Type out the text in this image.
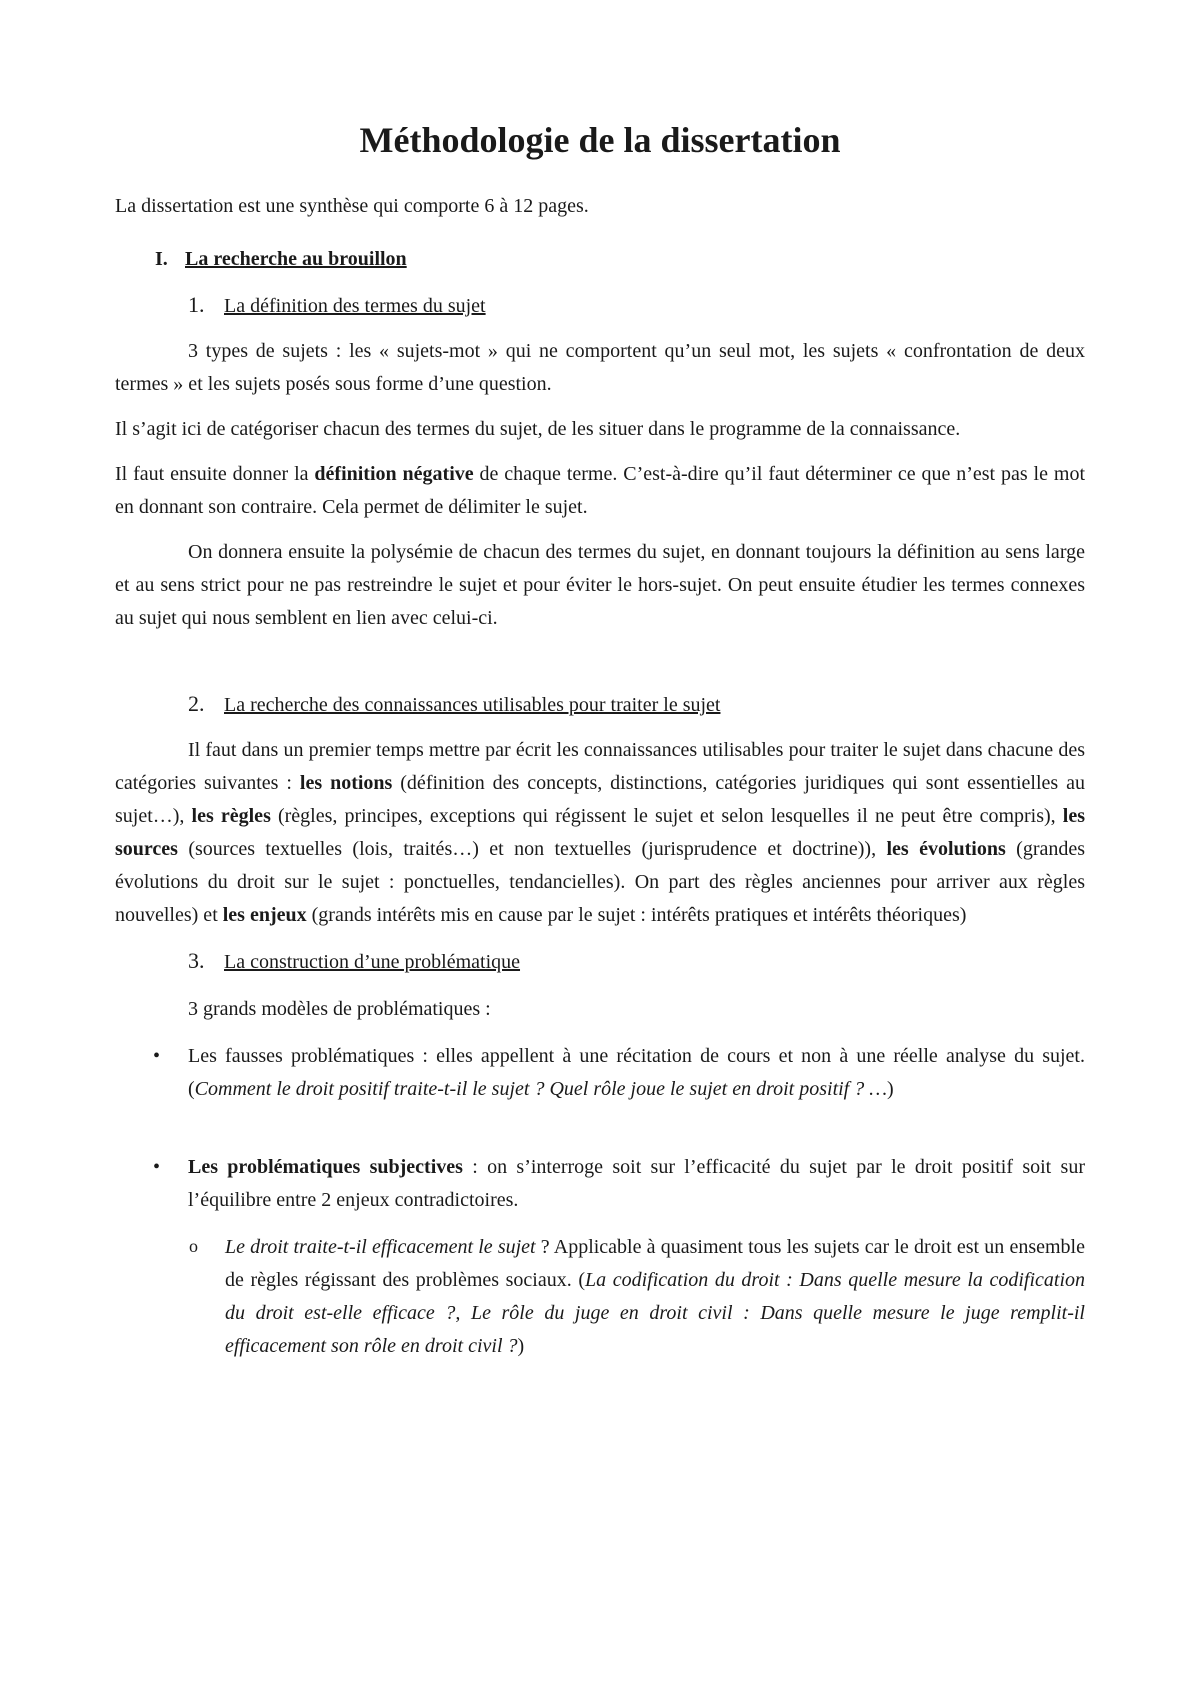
Méthodologie de la dissertation

La dissertation est une synthèse qui comporte 6 à 12 pages.

I. La recherche au brouillon
1. La définition des termes du sujet

3 types de sujets : les « sujets-mot » qui ne comportent qu’un seul mot, les sujets « confrontation de deux termes » et les sujets posés sous forme d’une question.

Il s’agit ici de catégoriser chacun des termes du sujet, de les situer dans le programme de la connaissance.

Il faut ensuite donner la définition négative de chaque terme. C’est-à-dire qu’il faut déterminer ce que n’est pas le mot en donnant son contraire. Cela permet de délimiter le sujet.

On donnera ensuite la polysémie de chacun des termes du sujet, en donnant toujours la définition au sens large et au sens strict pour ne pas restreindre le sujet et pour éviter le hors-sujet. On peut ensuite étudier les termes connexes au sujet qui nous semblent en lien avec celui-ci.

2. La recherche des connaissances utilisables pour traiter le sujet

Il faut dans un premier temps mettre par écrit les connaissances utilisables pour traiter le sujet dans chacune des catégories suivantes : les notions (définition des concepts, distinctions, catégories juridiques qui sont essentielles au sujet…), les règles (règles, principes, exceptions qui régissent le sujet et selon lesquelles il ne peut être compris), les sources (sources textuelles (lois, traités…) et non textuelles (jurisprudence et doctrine)), les évolutions (grandes évolutions du droit sur le sujet : ponctuelles, tendancielles). On part des règles anciennes pour arriver aux règles nouvelles) et les enjeux (grands intérêts mis en cause par le sujet : intérêts pratiques et intérêts théoriques)

3. La construction d’une problématique

3 grands modèles de problématiques :

• Les fausses problématiques : elles appellent à une récitation de cours et non à une réelle analyse du sujet. (Comment le droit positif traite-t-il le sujet ? Quel rôle joue le sujet en droit positif ? …)
• Les problématiques subjectives : on s’interroge soit sur l’efficacité du sujet par le droit positif soit sur l’équilibre entre 2 enjeux contradictoires.
o Le droit traite-t-il efficacement le sujet ? Applicable à quasiment tous les sujets car le droit est un ensemble de règles régissant des problèmes sociaux. (La codification du droit : Dans quelle mesure la codification du droit est-elle efficace ?, Le rôle du juge en droit civil : Dans quelle mesure le juge remplit-il efficacement son rôle en droit civil ?)
